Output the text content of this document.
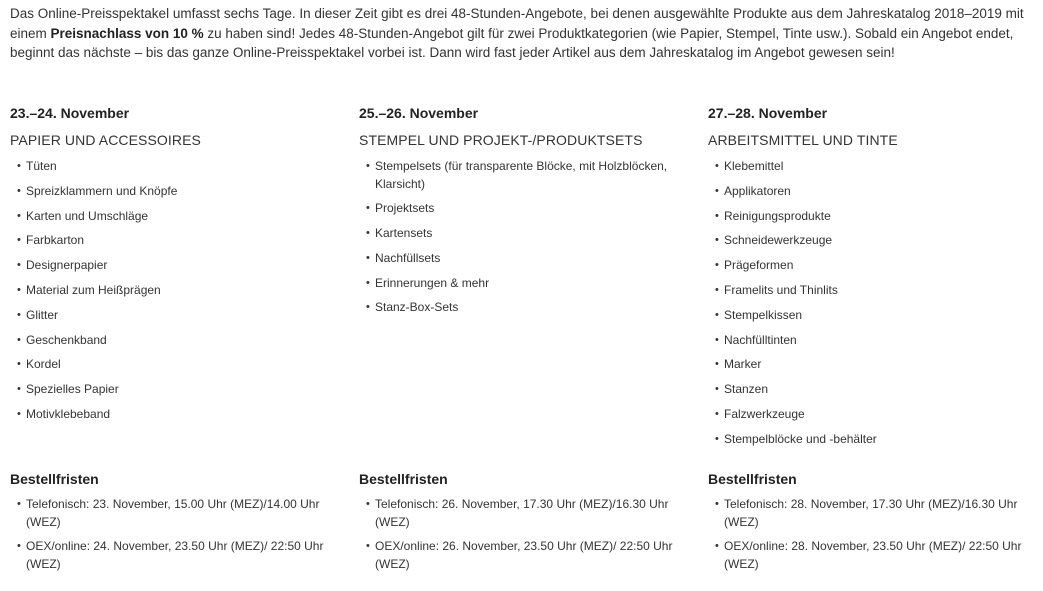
Das Online-Preisspektakel umfasst sechs Tage. In dieser Zeit gibt es drei 48-Stunden-Angebote, bei denen ausgewählte Produkte aus dem Jahreskatalog 2018–2019 mit einem Preisnachlass von 10 % zu haben sind! Jedes 48-Stunden-Angebot gilt für zwei Produktkategorien (wie Papier, Stempel, Tinte usw.). Sobald ein Angebot endet, beginnt das nächste – bis das ganze Online-Preisspektakel vorbei ist. Dann wird fast jeder Artikel aus dem Jahreskatalog im Angebot gewesen sein!

23.–24. November

PAPIER UND ACCESSOIRES

• Tüten
• Spreizklammern und Knöpfe
• Karten und Umschläge
• Farbkarton
• Designerpapier
• Material zum Heißprägen
• Glitter
• Geschenkband
• Kordel
• Spezielles Papier
• Motivklebeband

25.–26. November

STEMPEL UND PROJEKT-/PRODUKTSETS

• Stempelsets (für transparente Blöcke, mit Holzblöcken, Klarsicht)
• Projektsets
• Kartensets
• Nachfüllsets
• Erinnerungen & mehr
• Stanz-Box-Sets

27.–28. November

ARBEITSMITTEL UND TINTE

• Klebemittel
• Applikatoren
• Reinigungsprodukte
• Schneidewerkzeuge
• Prägeformen
• Framelits und Thinlits
• Stempelkissen
• Nachfülltinten
• Marker
• Stanzen
• Falzwerkzeuge
• Stempelblöcke und -behälter

Bestellfristen

• Telefonisch: 23. November, 15.00 Uhr (MEZ)/14.00 Uhr (WEZ)
• OEX/online: 24. November, 23.50 Uhr (MEZ)/ 22:50 Uhr (WEZ)

Bestellfristen

• Telefonisch: 26. November, 17.30 Uhr (MEZ)/16.30 Uhr (WEZ)
• OEX/online: 26. November, 23.50 Uhr (MEZ)/ 22:50 Uhr (WEZ)

Bestellfristen

• Telefonisch: 28. November, 17.30 Uhr (MEZ)/16.30 Uhr (WEZ)
• OEX/online: 28. November, 23.50 Uhr (MEZ)/ 22:50 Uhr (WEZ)
